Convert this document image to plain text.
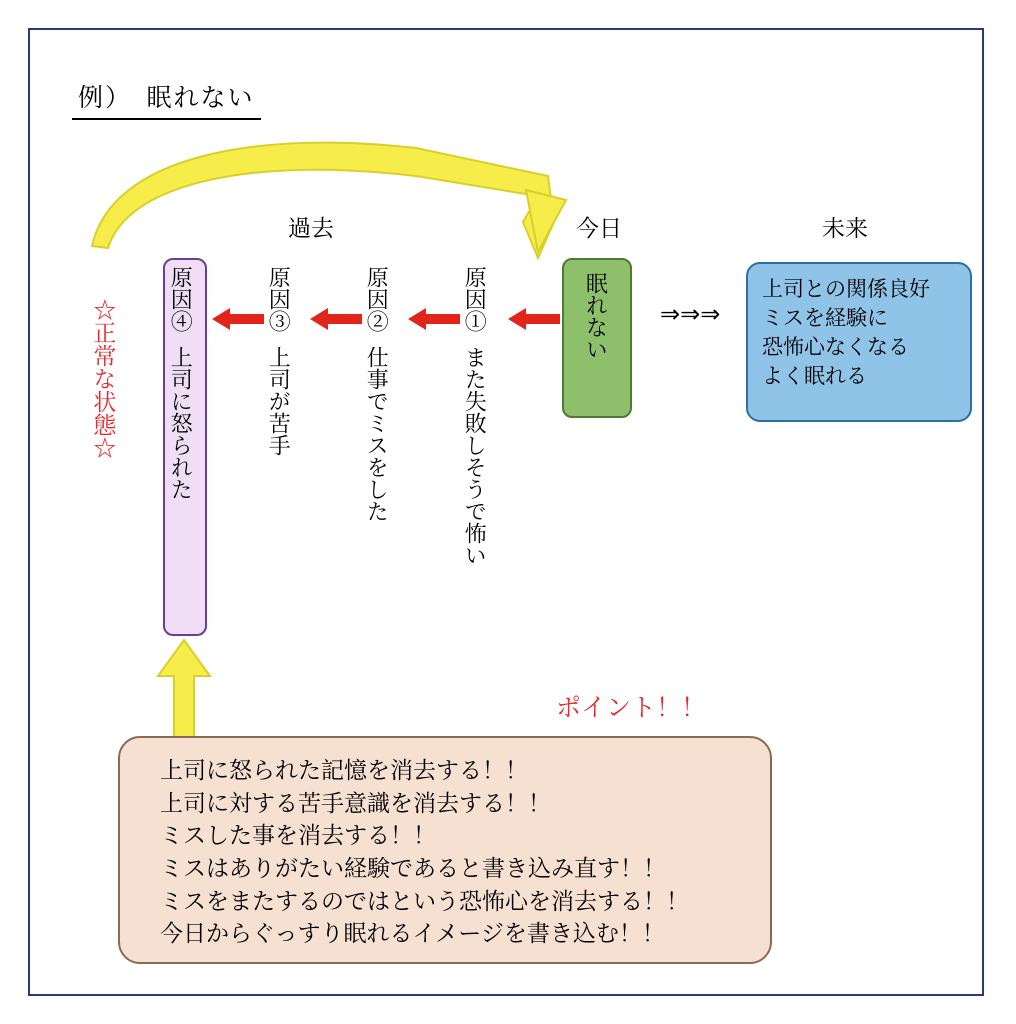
例）　眠れない
過去	今日	未来
☆正常な状態☆ 原因④
上司に怒られた
原因③
上司が苦手
原因②
仕事でミスをした
原因①
また失敗しそうで怖い
眠れない ⇒⇒⇒
上司との関係良好
ミスを経験に
恐怖心なくなる
よく眠れる
ポイント！！
上司に怒られた記憶を消去する！！
上司に対する苦手意識を消去する！！
ミスした事を消去する！！
ミスはありがたい経験であると書き込み直す！！
ミスをまたするのではという恐怖心を消去する！！
今日からぐっすり眠れるイメージを書き込む！！
